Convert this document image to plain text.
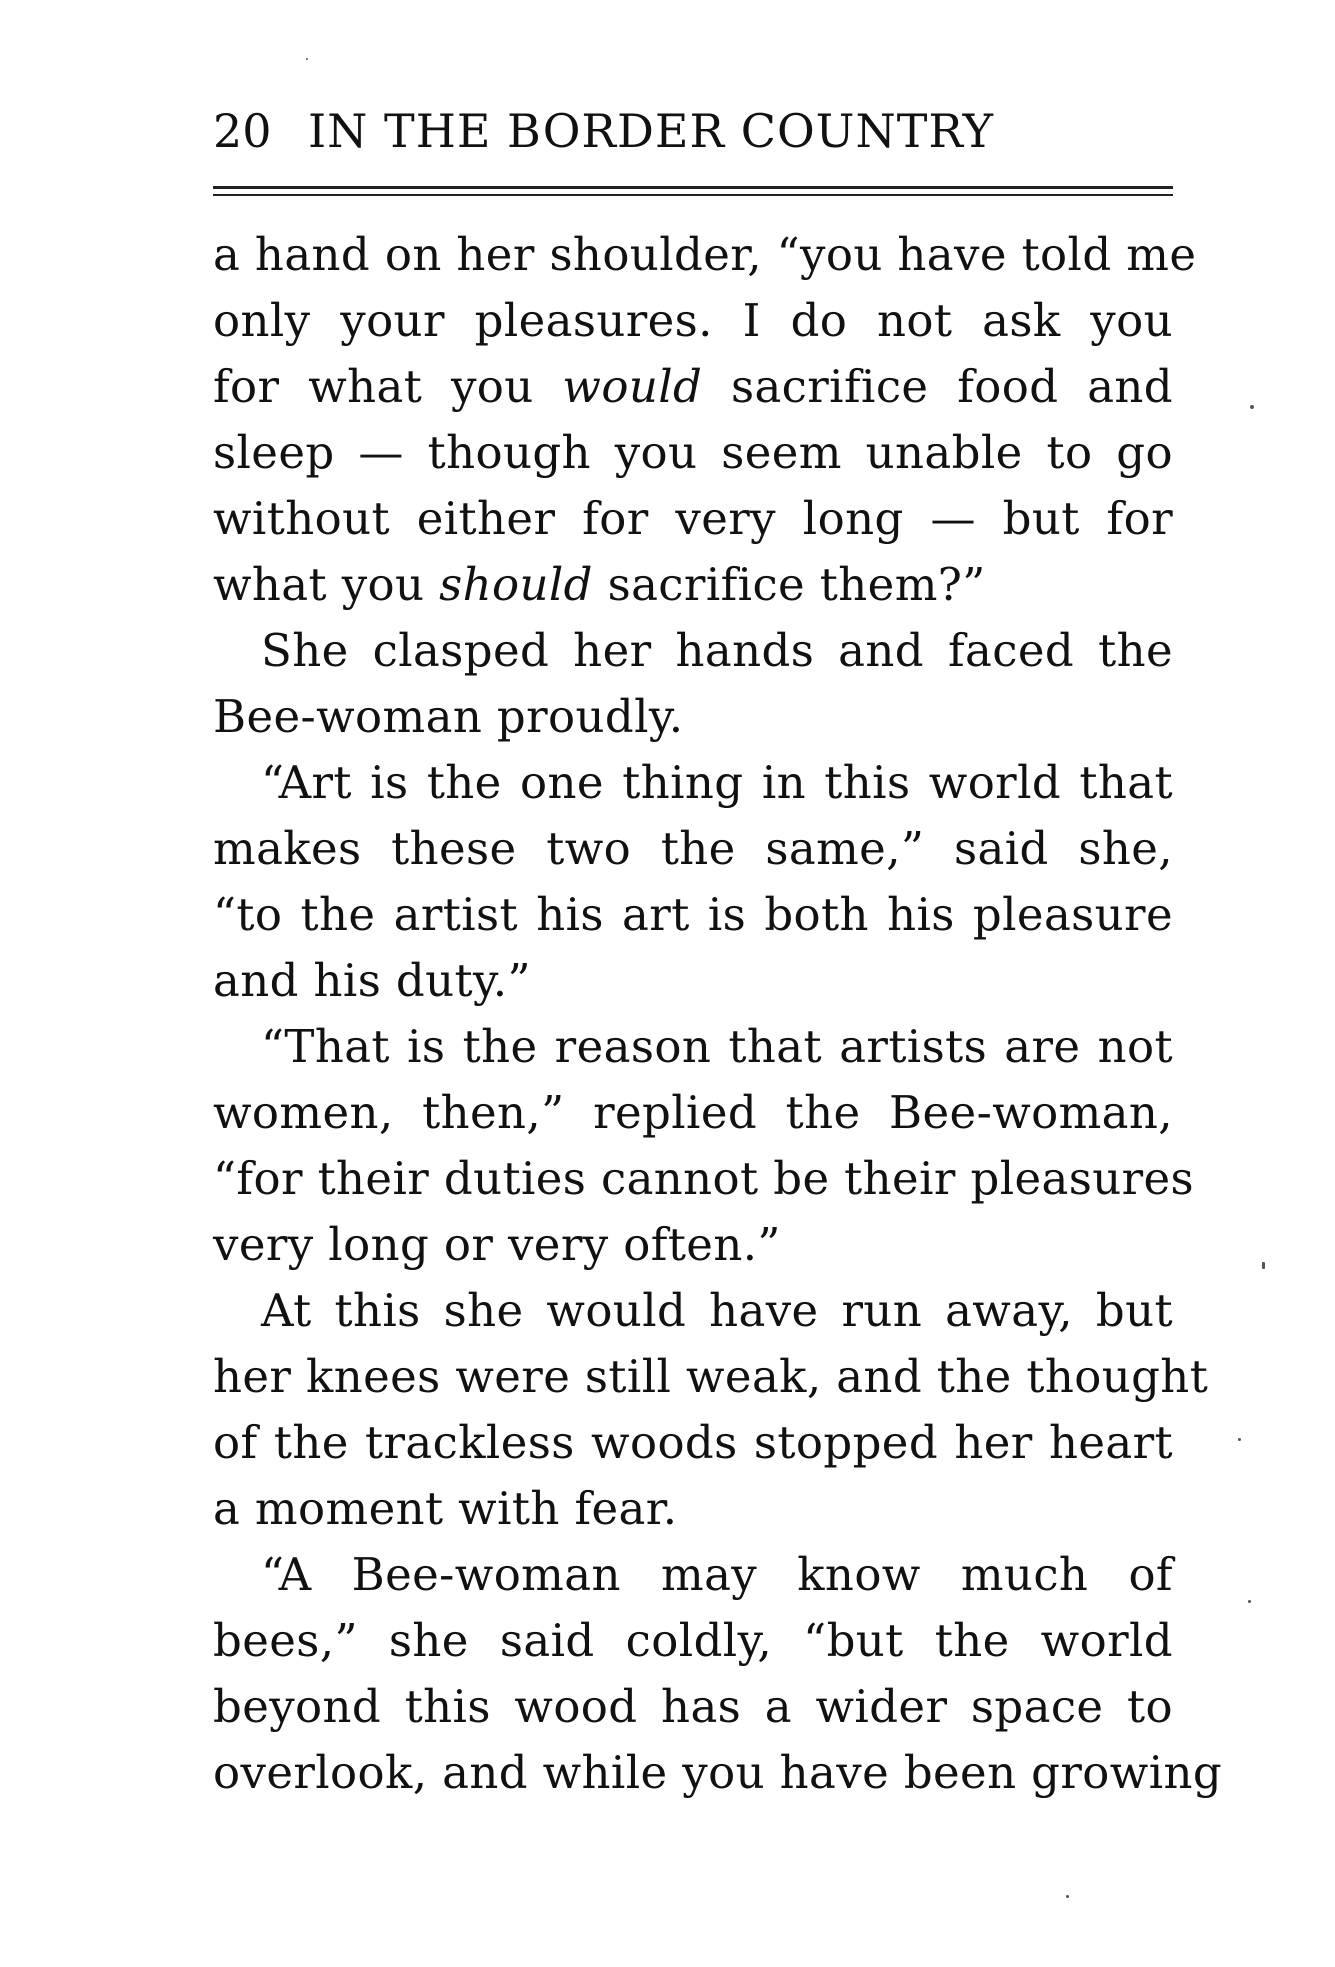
20 IN THE BORDER COUNTRY
a hand on her shoulder, “you have told me
only your pleasures. I do not ask you
for what you would sacrifice food and
sleep — though you seem unable to go
without either for very long — but for
what you should sacrifice them?”
She clasped her hands and faced the
Bee-woman proudly.
“Art is the one thing in this world that
makes these two the same,” said she,
“to the artist his art is both his pleasure
and his duty.”
“That is the reason that artists are not
women, then,” replied the Bee-woman,
“for their duties cannot be their pleasures
very long or very often.”
At this she would have run away, but
her knees were still weak, and the thought
of the trackless woods stopped her heart
a moment with fear.
“A Bee-woman may know much of
bees,” she said coldly, “but the world
beyond this wood has a wider space to
overlook, and while you have been growing
